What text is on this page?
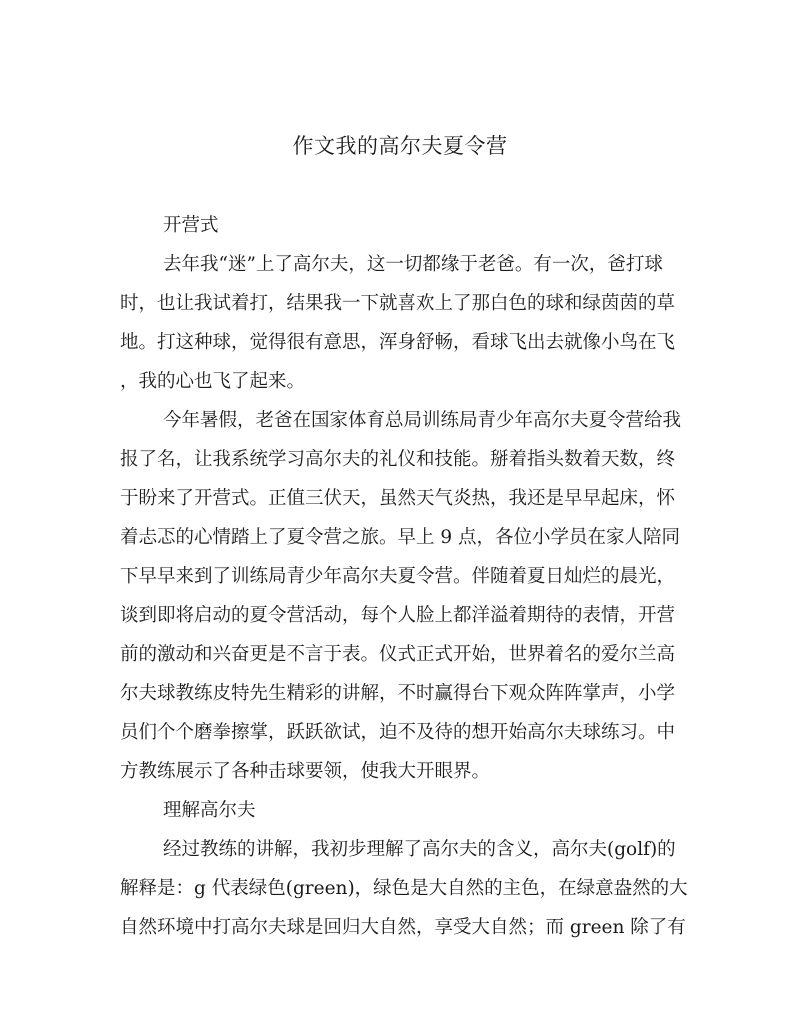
作文我的高尔夫夏令营
开营式
去年我“迷”上了高尔夫，这一切都缘于老爸。有一次，爸打球
时，也让我试着打，结果我一下就喜欢上了那白色的球和绿茵茵的草
地。打这种球，觉得很有意思，浑身舒畅，看球飞出去就像小鸟在飞
，我的心也飞了起来。
今年暑假，老爸在国家体育总局训练局青少年高尔夫夏令营给我
报了名，让我系统学习高尔夫的礼仪和技能。掰着指头数着天数，终
于盼来了开营式。正值三伏天，虽然天气炎热，我还是早早起床，怀
着忐忑的心情踏上了夏令营之旅。早上 9 点，各位小学员在家人陪同
下早早来到了训练局青少年高尔夫夏令营。伴随着夏日灿烂的晨光，
谈到即将启动的夏令营活动，每个人脸上都洋溢着期待的表情，开营
前的激动和兴奋更是不言于表。仪式正式开始，世界着名的爱尔兰高
尔夫球教练皮特先生精彩的讲解，不时赢得台下观众阵阵掌声，小学
员们个个磨拳擦掌，跃跃欲试，迫不及待的想开始高尔夫球练习。中
方教练展示了各种击球要领，使我大开眼界。
理解高尔夫
经过教练的讲解，我初步理解了高尔夫的含义，高尔夫(golf)的
解释是：g 代表绿色(green)，绿色是大自然的主色，在绿意盎然的大
自然环境中打高尔夫球是回归大自然，享受大自然；而 green 除了有
